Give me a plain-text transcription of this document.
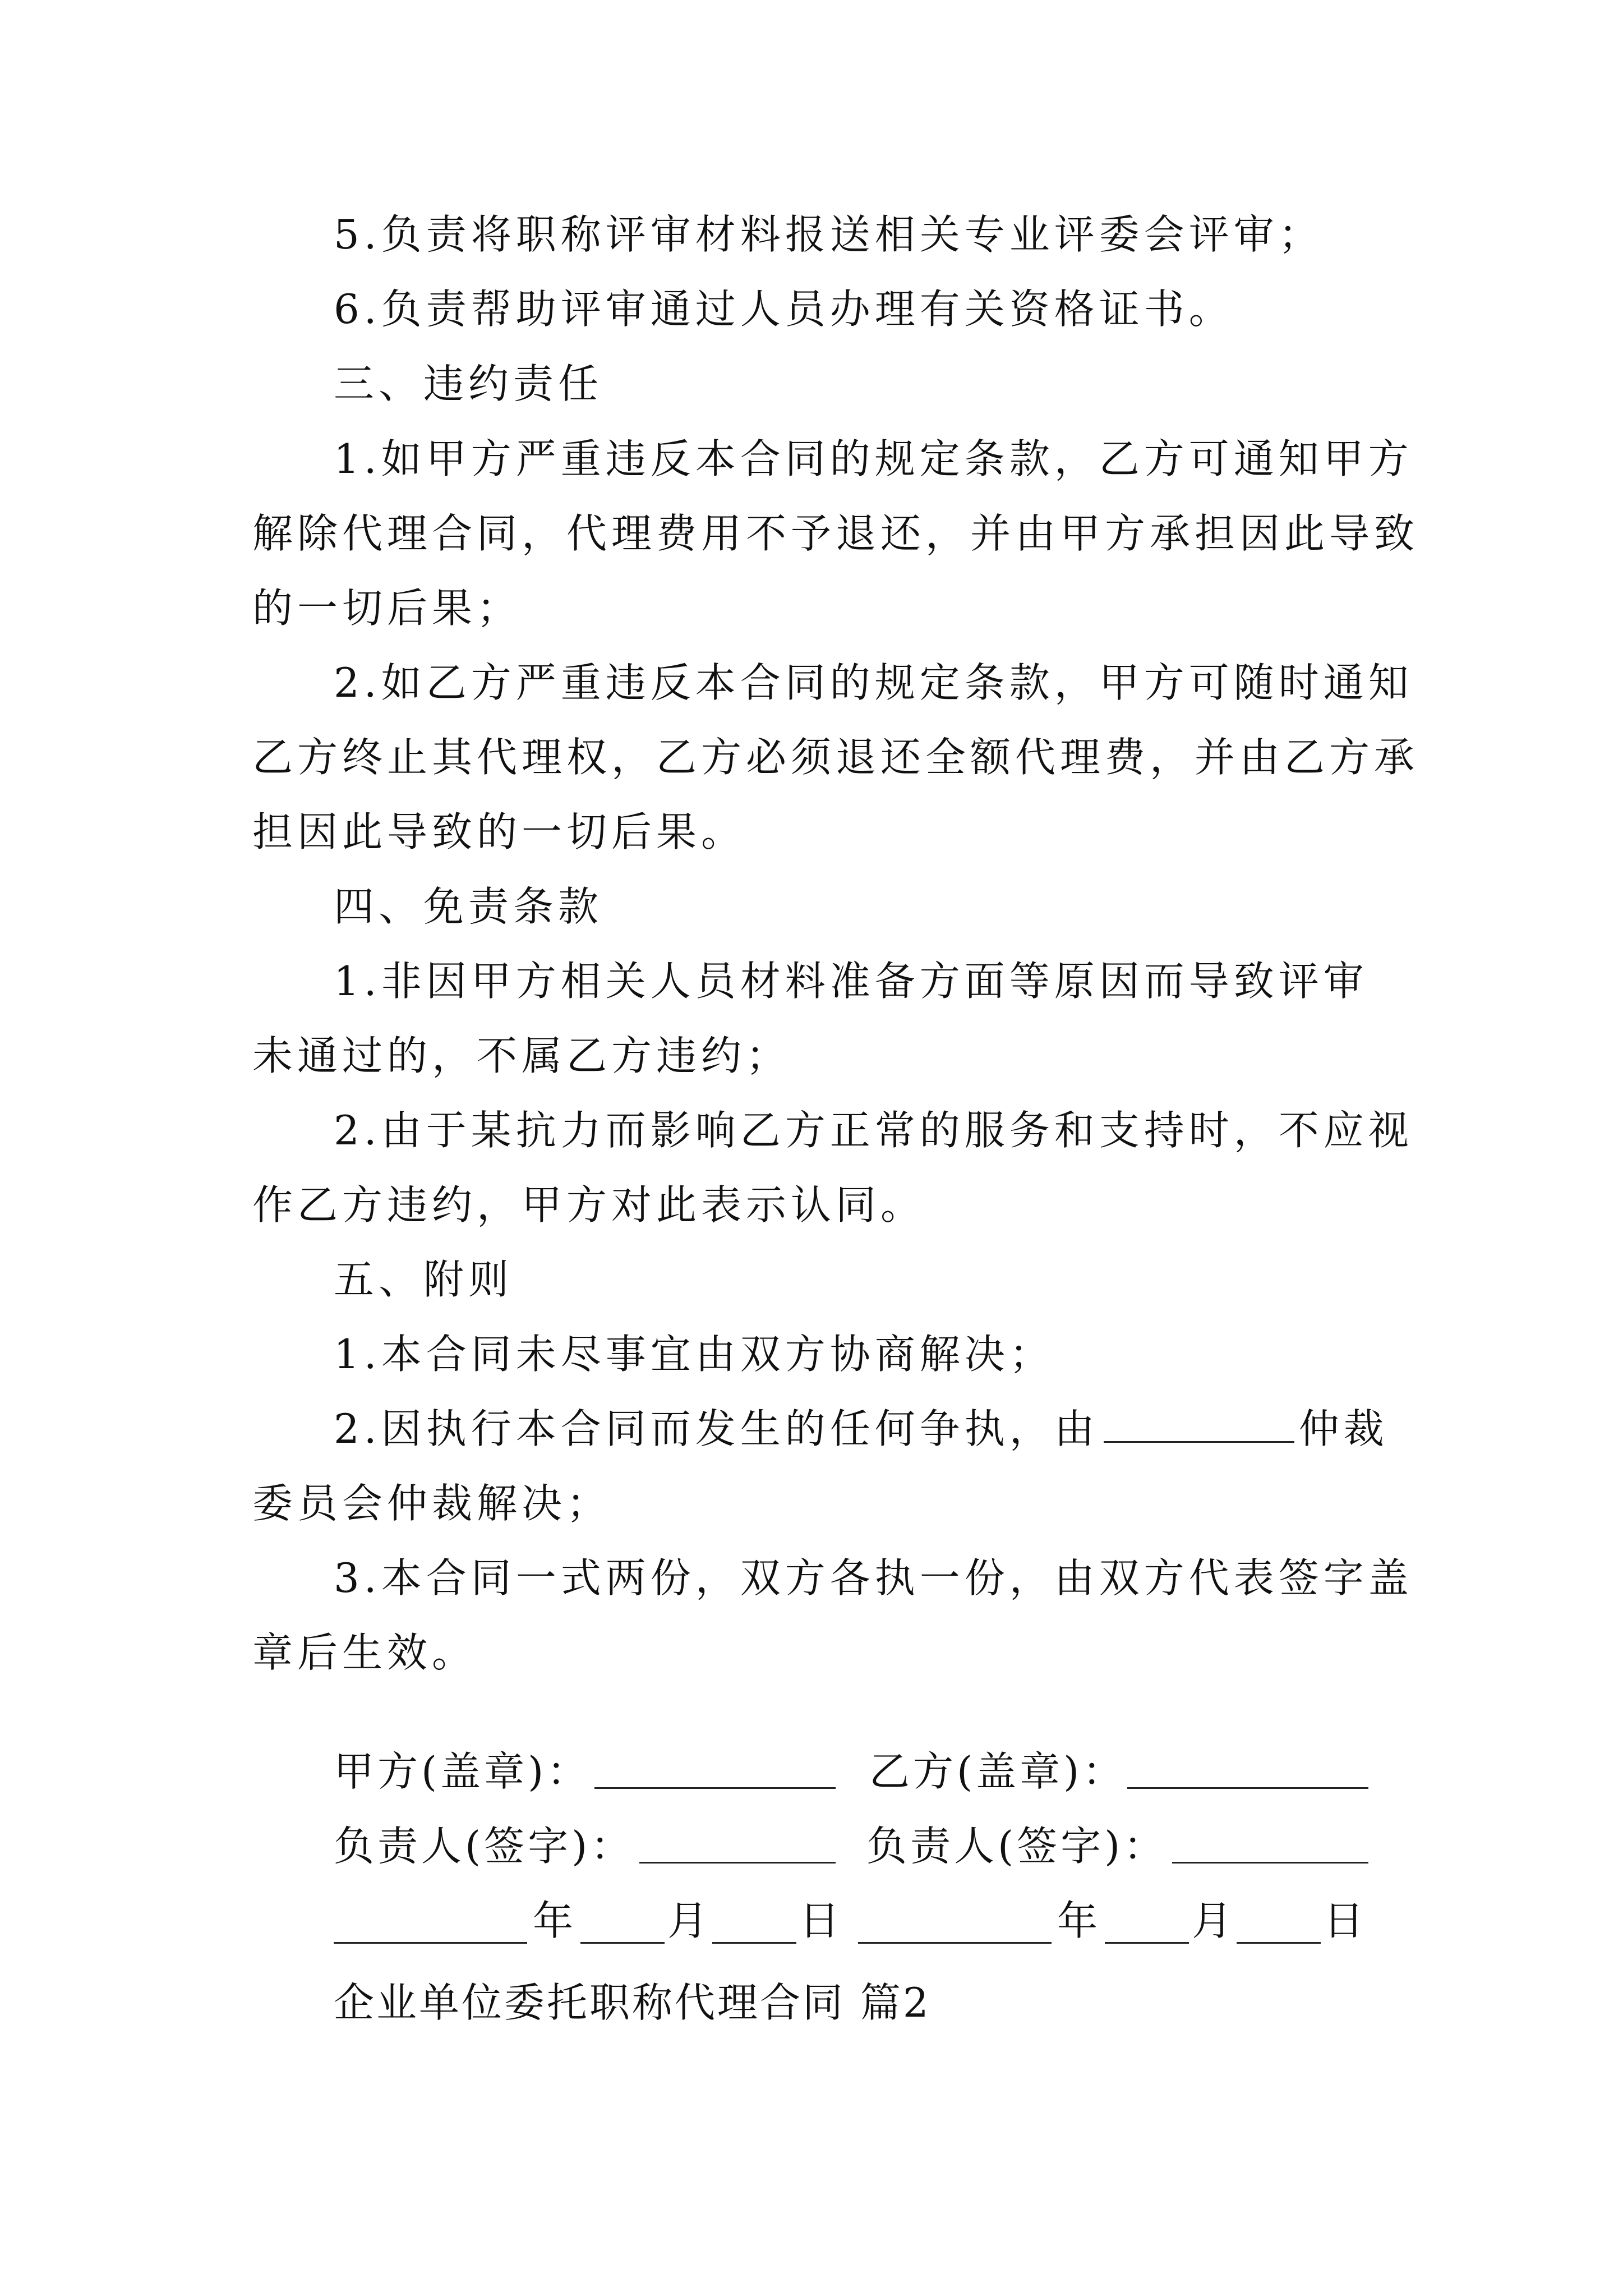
5.负责将职称评审材料报送相关专业评委会评审；
6.负责帮助评审通过人员办理有关资格证书。
三、违约责任
1.如甲方严重违反本合同的规定条款，乙方可通知甲方
解除代理合同，代理费用不予退还，并由甲方承担因此导致
的一切后果；
2.如乙方严重违反本合同的规定条款，甲方可随时通知
乙方终止其代理权，乙方必须退还全额代理费，并由乙方承
担因此导致的一切后果。
四、免责条款
1.非因甲方相关人员材料准备方面等原因而导致评审
未通过的，不属乙方违约；
2.由于某抗力而影响乙方正常的服务和支持时，不应视
作乙方违约，甲方对此表示认同。
五、附则
1.本合同未尽事宜由双方协商解决；
2.因执行本合同而发生的任何争执，由	仲裁
委员会仲裁解决；
3.本合同一式两份，双方各执一份，由双方代表签字盖
章后生效。
甲方(盖章)：	乙方(盖章)：
负责人(签字)：	负责人(签字)：
年 月 日	年 月 日
企业单位委托职称代理合同 篇2
